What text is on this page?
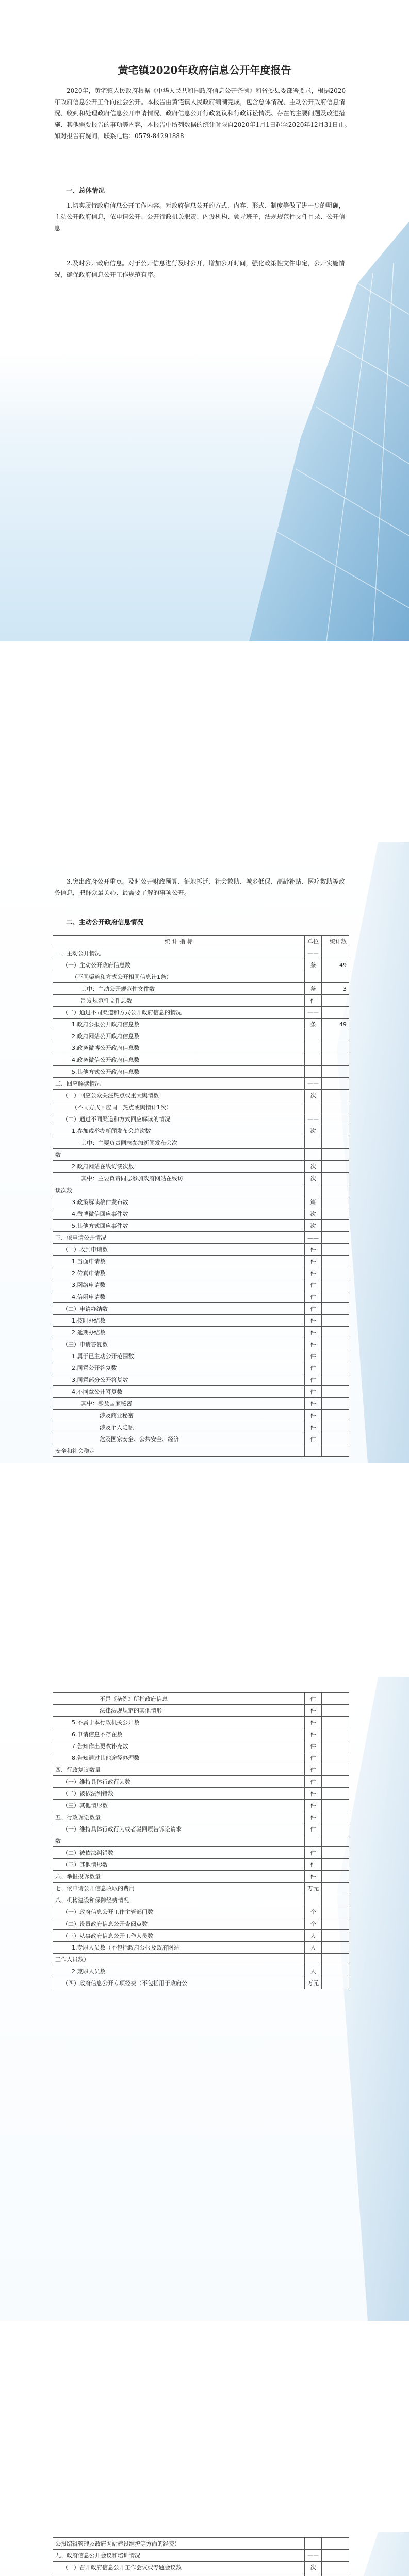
黄宅镇2020年政府信息公开年度报告

2020年，黄宅镇人民政府根据《中华人民共和国政府信息公开条例》和省委县委部署要求，根据2020年政府信息公开工作向社会公开。本报告由黄宅镇人民政府编制完成，包含总体情况、主动公开政府信息情况、收到和处理政府信息公开申请情况、政府信息公开行政复议和行政诉讼情况、存在的主要问题及改进措施、其他需要报告的事项等内容，本报告中所列数据的统计时限自2020年1月1日起至2020年12月31日止。如对报告有疑问，联系电话：0579-84291888

一、总体情况

1.切实履行政府信息公开工作内容。对政府信息公开的方式、内容、形式、制度等做了进一步的明确，主动公开政府信息，依申请公开、公开行政机关职责、内设机构、领导班子，法规规范性文件目录、公开信息

2.及时公开政府信息。对于公开信息进行及时公开，增加公开时间，强化政策性文件审定，公开实施情况，确保政府信息公开工作规范有序。

3.突出政府公开重点。及时公开财政预算、征地拆迁、社会救助、城乡低保、高龄补贴、医疗救助等政务信息，把群众最关心、最需要了解的事项公开。

二、主动公开政府信息情况
统 计 指 标	单位	统计数
一、主动公开情况	——	
（一）主动公开政府信息数	条	49
（不同渠道和方式公开相同信息计1条）		
其中：主动公开规范性文件数	条	3
制发规范性文件总数	件	
（二）通过不同渠道和方式公开政府信息的情况	——	
1.政府公报公开政府信息数	条	49
2.政府网站公开政府信息数		
3.政务微博公开政府信息数		
4.政务微信公开政府信息数		
5.其他方式公开政府信息数		
二、回应解读情况	——	
（一）回应公众关注热点或重大舆情数	次	
（不同方式回应同一热点或舆情计1次）		
（二）通过不同渠道和方式回应解读的情况	——	
1.参加或举办新闻发布会总次数	次	
其中：主要负责同志参加新闻发布会次		
数		
2.政府网站在线访谈次数	次	
其中：主要负责同志参加政府网站在线访	次	
谈次数		
3.政策解读稿件发布数	篇	
4.微博微信回应事件数	次	
5.其他方式回应事件数	次	
三、依申请公开情况	——	
（一）收到申请数	件	
1.当面申请数	件	
2.传真申请数	件	
3.网络申请数	件	
4.信函申请数	件	
（二）申请办结数	件	
1.按时办结数	件	
2.延期办结数	件	
（三）申请答复数	件	
1.属于已主动公开范围数	件	
2.同意公开答复数	件	
3.同意部分公开答复数	件	
4.不同意公开答复数	件	
其中：涉及国家秘密	件	
涉及商业秘密	件	
涉及个人隐私	件	
危及国家安全、公共安全、经济	件	
安全和社会稳定		
不是《条例》所指政府信息	件	
法律法规规定的其他情形	件	
5.不属于本行政机关公开数	件	
6.申请信息不存在数	件	
7.告知作出更改补充数	件	
8.告知通过其他途径办理数	件	
四、行政复议数量	件	
（一）维持具体行政行为数	件	
（二）被依法纠错数	件	
（三）其他情形数	件	
五、行政诉讼数量	件	
（一）维持具体行政行为或者驳回原告诉讼请求	件	
数		
（二）被依法纠错数	件	
（三）其他情形数	件	
六、举报投诉数量	件	
七、依申请公开信息收取的费用	万元	
八、机构建设和保障经费情况		
（一）政府信息公开工作主管部门数	个	
（二）设置政府信息公开查阅点数	个	
（三）从事政府信息公开工作人员数	人	
1.专职人员数（不包括政府公报及政府网站	人	
工作人员数）		
2.兼职人员数	人	
（四）政府信息公开专项经费（不包括用于政府公	万元	
公报编辑管理及政府网站建设维护等方面的经费）		
九、政府信息公开会议和培训情况	——	
（一）召开政府信息公开工作会议或专题会议数	次	
